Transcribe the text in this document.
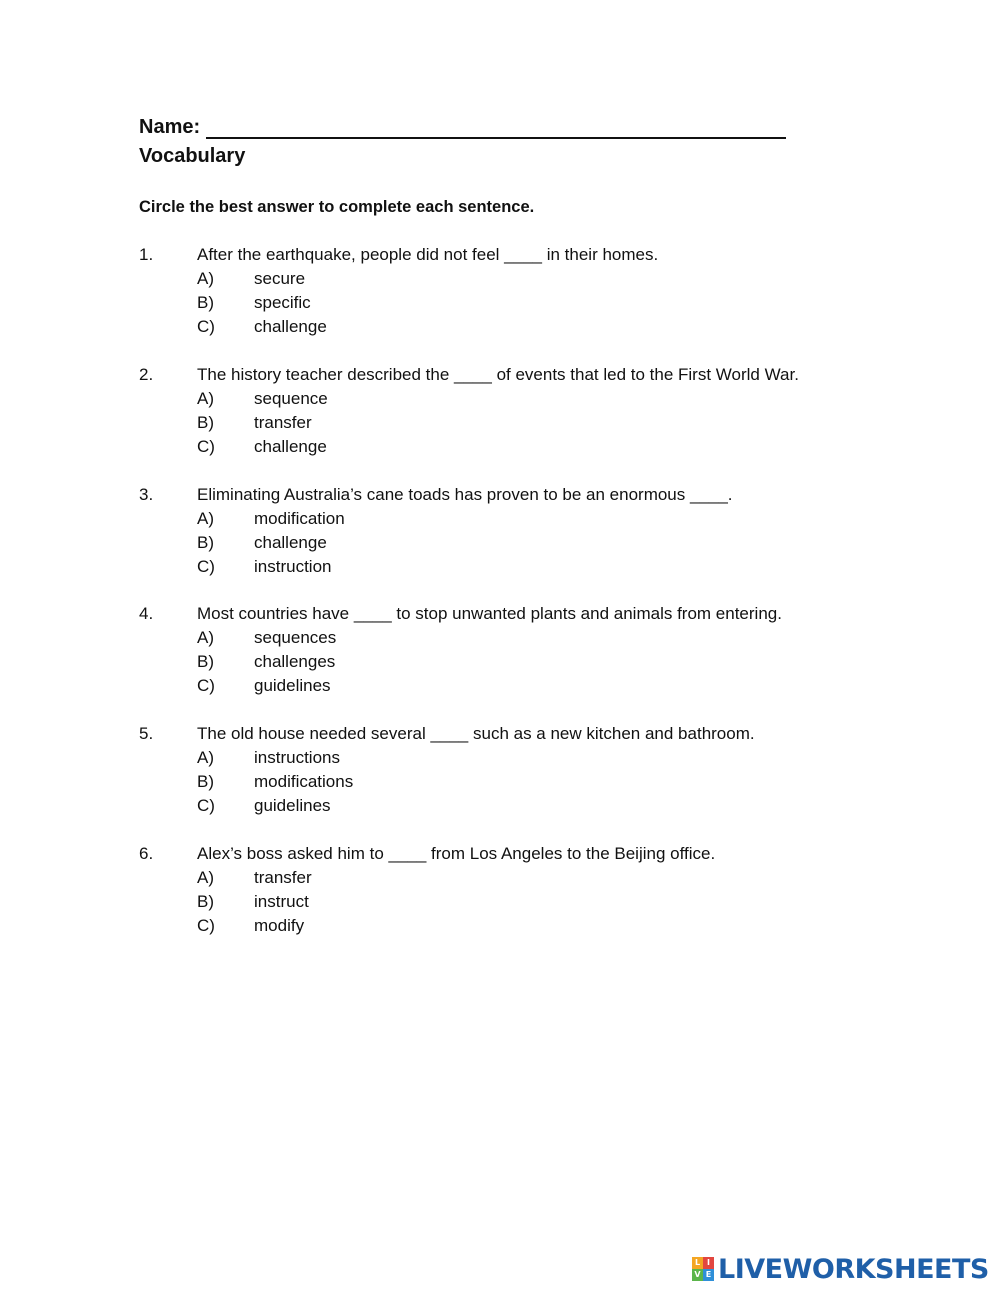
Name:
Vocabulary
Circle the best answer to complete each sentence.
1.	After the earthquake, people did not feel ____ in their homes.
A) secure
B) specific
C) challenge
2.	The history teacher described the ____ of events that led to the First World War.
A) sequence
B) transfer
C) challenge
3.	Eliminating Australia’s cane toads has proven to be an enormous ____.
A) modification
B) challenge
C) instruction
4.	Most countries have ____ to stop unwanted plants and animals from entering.
A) sequences
B) challenges
C) guidelines
5.	The old house needed several ____ such as a new kitchen and bathroom.
A) instructions
B) modifications
C) guidelines
6.	Alex’s boss asked him to ____ from Los Angeles to the Beijing office.
A) transfer
B) instruct
C) modify
L I
V E LIVEWORKSHEETS
